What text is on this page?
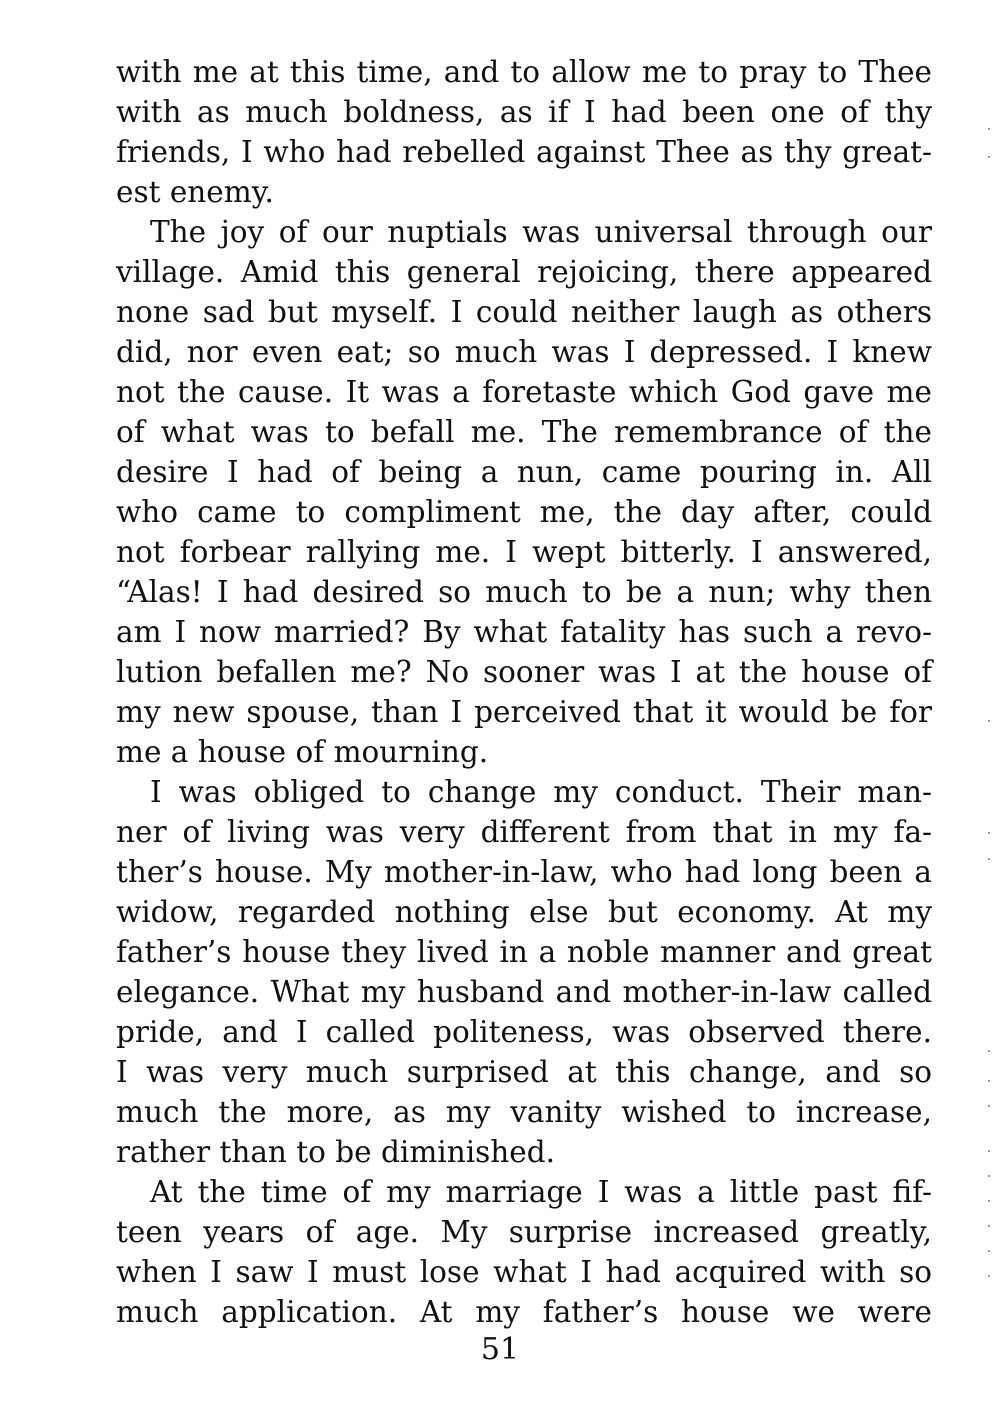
with me at this time, and to allow me to pray to Thee
with as much boldness, as if I had been one of thy
friends, I who had rebelled against Thee as thy great-
est enemy.
The joy of our nuptials was universal through our
village. Amid this general rejoicing, there appeared
none sad but myself. I could neither laugh as others
did, nor even eat; so much was I depressed. I knew
not the cause. It was a foretaste which God gave me
of what was to befall me. The remembrance of the
desire I had of being a nun, came pouring in. All
who came to compliment me, the day after, could
not forbear rallying me. I wept bitterly. I answered,
“Alas! I had desired so much to be a nun; why then
am I now married? By what fatality has such a revo-
lution befallen me? No sooner was I at the house of
my new spouse, than I perceived that it would be for
me a house of mourning.
I was obliged to change my conduct. Their man-
ner of living was very different from that in my fa-
ther’s house. My mother-in-law, who had long been a
widow, regarded nothing else but economy. At my
father’s house they lived in a noble manner and great
elegance. What my husband and mother-in-law called
pride, and I called politeness, was observed there.
I was very much surprised at this change, and so
much the more, as my vanity wished to increase,
rather than to be diminished.
At the time of my marriage I was a little past fif-
teen years of age. My surprise increased greatly,
when I saw I must lose what I had acquired with so
much application. At my father’s house we were
51
